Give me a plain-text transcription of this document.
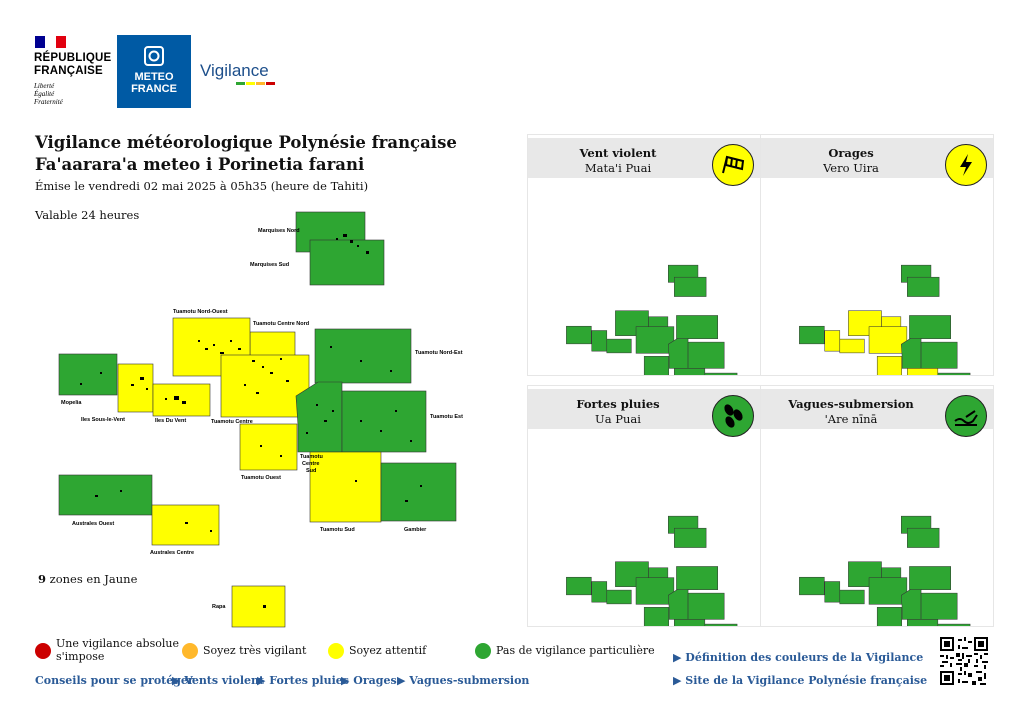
RÉPUBLIQUE
FRANÇAISE
Liberté
Égalité
Fraternité
METEO
FRANCE
Vigilance
Vigilance météorologique Polynésie française
Fa'aarara'a meteo i Porinetia farani
Émise le vendredi 02 mai 2025 à 05h35 (heure de Tahiti)
Valable 24 heures
9 zones en Jaune
Marquises Nord
Marquises Sud
Tuamotu Nord-Ouest
Tuamotu Centre Nord
Tuamotu Nord-Est
Mopelia
Iles Sous-le-Vent	Iles Du Vent	Tuamotu Centre
Tuamotu Est
Tuamotu
Centre
Sud
Tuamotu Ouest
Australes Ouest
Australes Centre
Tuamotu Sud	Gambier
Rapa
Vent violent
Mata'i Puai
Orages
Vero Uira
Fortes pluies
Ua Puai
Vagues-submersion
'Are nīnā
Une vigilance absolue
s'impose	Soyez très vigilant	Soyez attentif	Pas de vigilance particulière
Conseils pour se protéger
▶ Vents violent
▶ Fortes pluies
▶ Orages ▶ Vagues-submersion
▶ Définition des couleurs de la Vigilance
▶ Site de la Vigilance Polynésie française
